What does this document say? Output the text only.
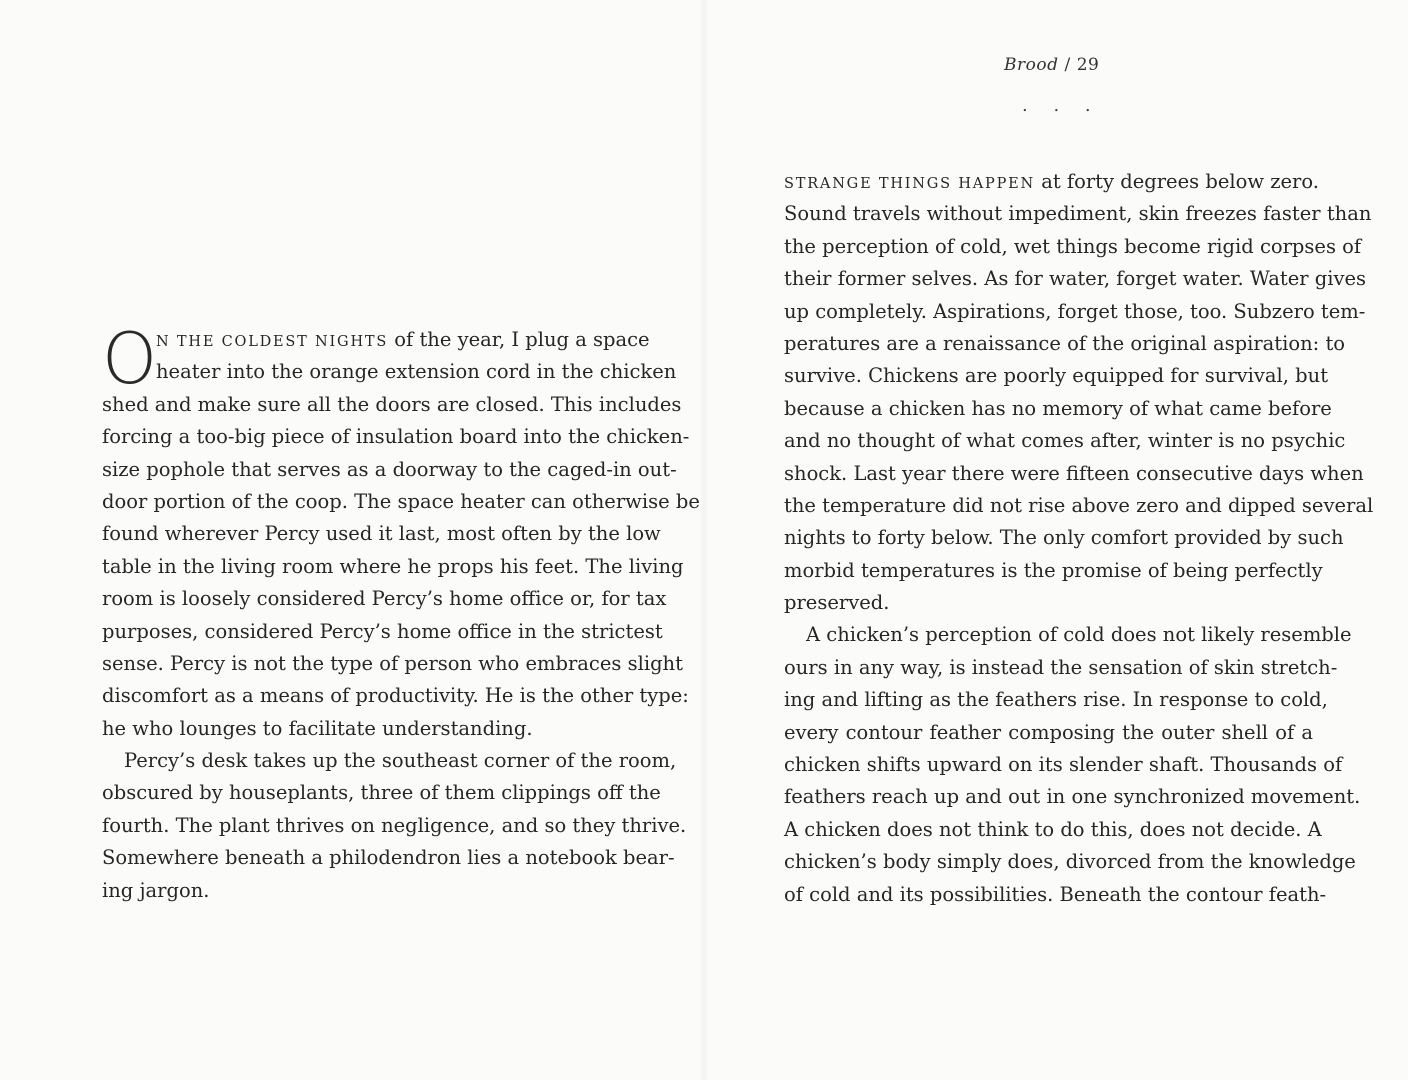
O
N THE COLDEST NIGHTS of the year, I plug a space
heater into the orange extension cord in the chicken
shed and make sure all the doors are closed. This includes
forcing a too-big piece of insulation board into the chicken-
size pophole that serves as a doorway to the caged-in out-
door portion of the coop. The space heater can otherwise be
found wherever Percy used it last, most often by the low
table in the living room where he props his feet. The living
room is loosely considered Percy’s home office or, for tax
purposes, considered Percy’s home office in the strictest
sense. Percy is not the type of person who embraces slight
discomfort as a means of productivity. He is the other type:
he who lounges to facilitate understanding.
Percy’s desk takes up the southeast corner of the room,
obscured by houseplants, three of them clippings off the
fourth. The plant thrives on negligence, and so they thrive.
Somewhere beneath a philodendron lies a notebook bear-
ing jargon.
Brood / 29
. . .
STRANGE THINGS HAPPEN at forty degrees below zero.
Sound travels without impediment, skin freezes faster than
the perception of cold, wet things become rigid corpses of
their former selves. As for water, forget water. Water gives
up completely. Aspirations, forget those, too. Subzero tem-
peratures are a renaissance of the original aspiration: to
survive. Chickens are poorly equipped for survival, but
because a chicken has no memory of what came before
and no thought of what comes after, winter is no psychic
shock. Last year there were fifteen consecutive days when
the temperature did not rise above zero and dipped several
nights to forty below. The only comfort provided by such
morbid temperatures is the promise of being perfectly
preserved.
A chicken’s perception of cold does not likely resemble
ours in any way, is instead the sensation of skin stretch-
ing and lifting as the feathers rise. In response to cold,
every contour feather composing the outer shell of a
chicken shifts upward on its slender shaft. Thousands of
feathers reach up and out in one synchronized movement.
A chicken does not think to do this, does not decide. A
chicken’s body simply does, divorced from the knowledge
of cold and its possibilities. Beneath the contour feath-
